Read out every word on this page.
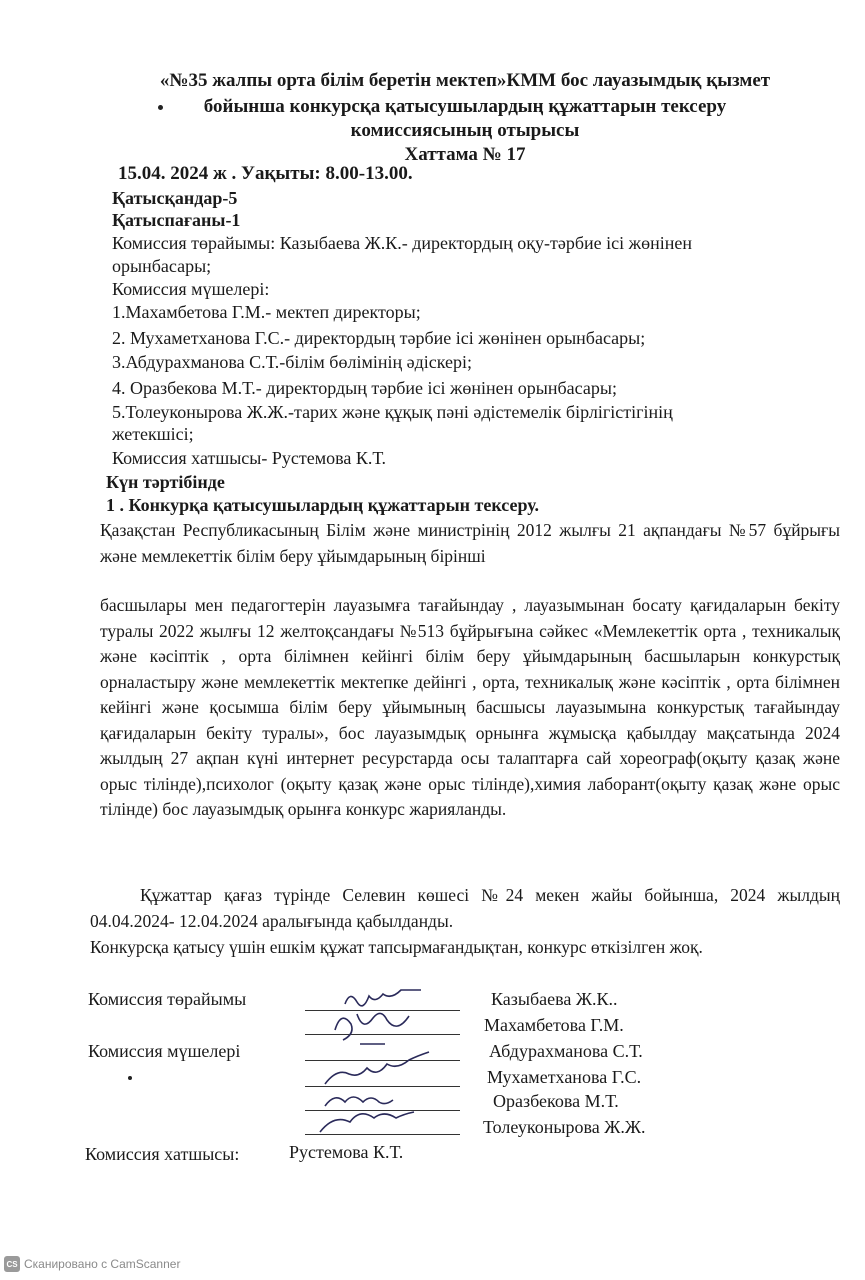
«№35 жалпы орта білім беретін мектеп»КММ бос лауазымдық қызмет
бойынша конкурсқа қатысушылардың құжаттарын тексеру
комиссиясының отырысы
Хаттама № 17
15.04. 2024 ж . Уақыты: 8.00-13.00.
Қатысқандар-5
Қатыспағаны-1
Комиссия төрайымы: Казыбаева Ж.К.- директордың оқу-тәрбие ісі жөнінен
орынбасары;
Комиссия мүшелері:
1.Махамбетова Г.М.- мектеп директоры;
2. Мухаметханова Г.С.- директордың тәрбие ісі жөнінен орынбасары;
3.Абдурахманова С.Т.-білім бөлімінің әдіскері;
4. Оразбекова М.Т.- директордың тәрбие ісі жөнінен орынбасары;
5.Толеуконырова Ж.Ж.-тарих және құқық пәні әдістемелік бірлігістігінің
жетекшісі;
Комиссия хатшысы- Рустемова К.Т.
Күн тәртібінде
1 . Конкурқа қатысушылардың құжаттарын тексеру.
Қазақстан Республикасының Білім және министрінің 2012 жылғы 21 ақпандағы №57 бұйрығы және мемлекеттік білім беру ұйымдарының бірінші
басшылары мен педагогтерін лауазымға тағайындау , лауазымынан босату қағидаларын бекіту туралы 2022 жылғы 12 желтоқсандағы №513 бұйрығына сәйкес «Мемлекеттік орта , техникалық және кәсіптік , орта білімнен кейінгі білім беру ұйымдарының басшыларын конкурстық орналастыру және мемлекеттік мектепке дейінгі , орта, техникалық және кәсіптік , орта білімнен кейінгі және қосымша білім беру ұйымының басшысы лауазымына конкурстық тағайындау қағидаларын бекіту туралы», бос лауазымдық орнынға жұмысқа қабылдау мақсатында 2024 жылдың 27 ақпан күні интернет ресурстарда осы талаптарға сай хореограф(оқыту қазақ және орыс тілінде),психолог (оқыту қазақ және орыс тілінде),химия лаборант(оқыту қазақ және орыс тілінде) бос лауазымдық орынға конкурс жарияланды.
Құжаттар қағаз түрінде Селевин көшесі №24 мекен жайы бойынша, 2024 жылдың 04.04.2024- 12.04.2024 аралығында қабылданды.
Конкурсқа қатысу үшін ешкім құжат тапсырмағандықтан, конкурс өткізілген жоқ.
Комиссия төрайымы
Комиссия мүшелері
Казыбаева Ж.К..
Махамбетова Г.М.
Абдурахманова С.Т.
Мухаметханова Г.С.
Оразбекова М.Т.
Толеуконырова Ж.Ж.
Комиссия хатшысы:	Рустемова К.Т.
CS Сканировано с CamScanner
